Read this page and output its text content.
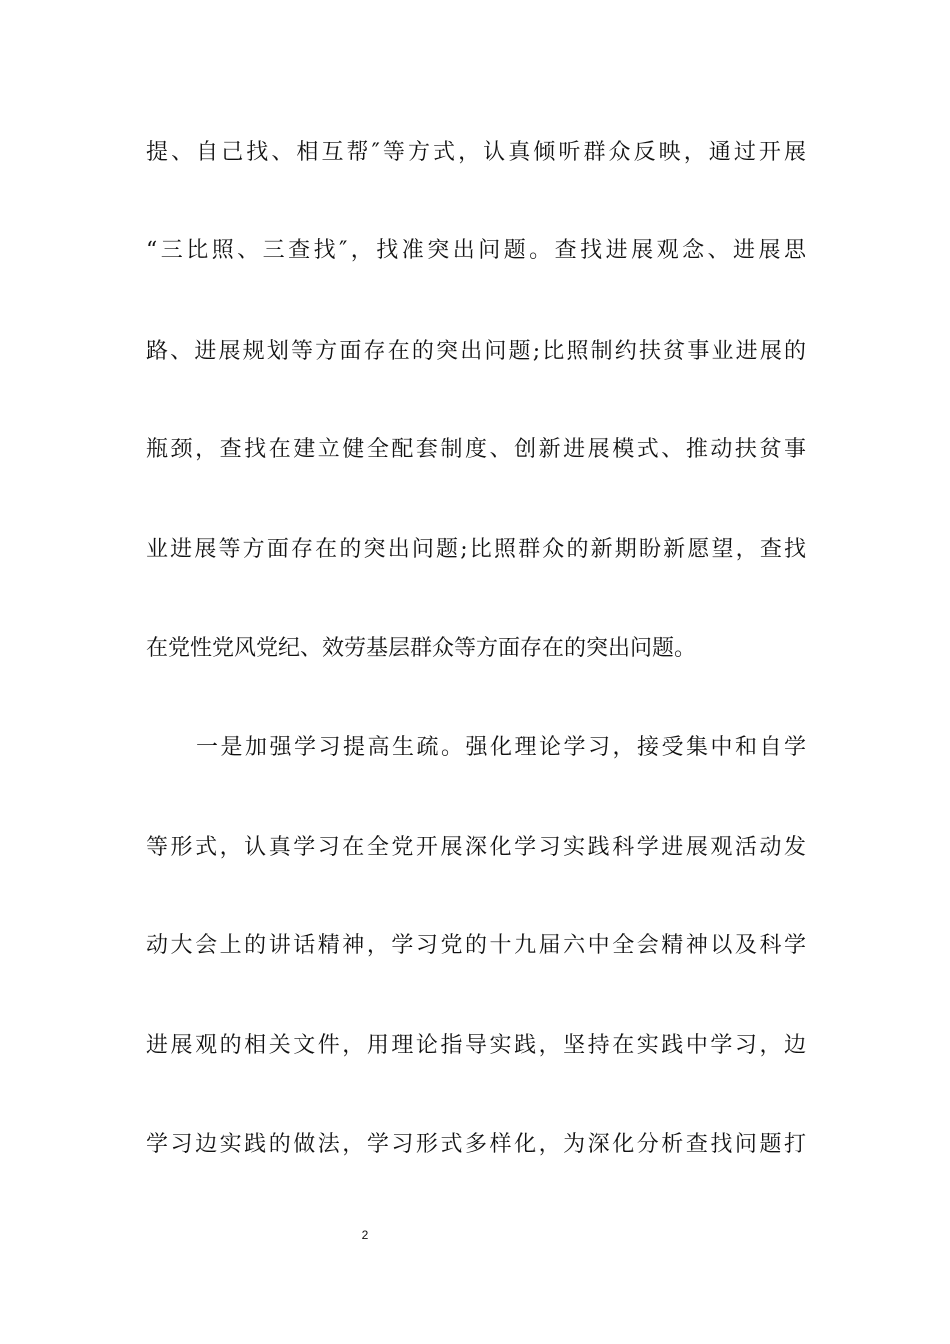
提、自己找、相互帮″等方式，认真倾听群众反映，通过开展
“三比照、三查找″，找准突出问题。查找进展观念、进展思
路、进展规划等方面存在的突出问题;比照制约扶贫事业进展的
瓶颈，查找在建立健全配套制度、创新进展模式、推动扶贫事
业进展等方面存在的突出问题;比照群众的新期盼新愿望，查找
在党性党风党纪、效劳基层群众等方面存在的突出问题。
一是加强学习提高生疏。强化理论学习，接受集中和自学
等形式，认真学习在全党开展深化学习实践科学进展观活动发
动大会上的讲话精神，学习党的十九届六中全会精神以及科学
进展观的相关文件，用理论指导实践，坚持在实践中学习，边
学习边实践的做法，学习形式多样化，为深化分析查找问题打
2
